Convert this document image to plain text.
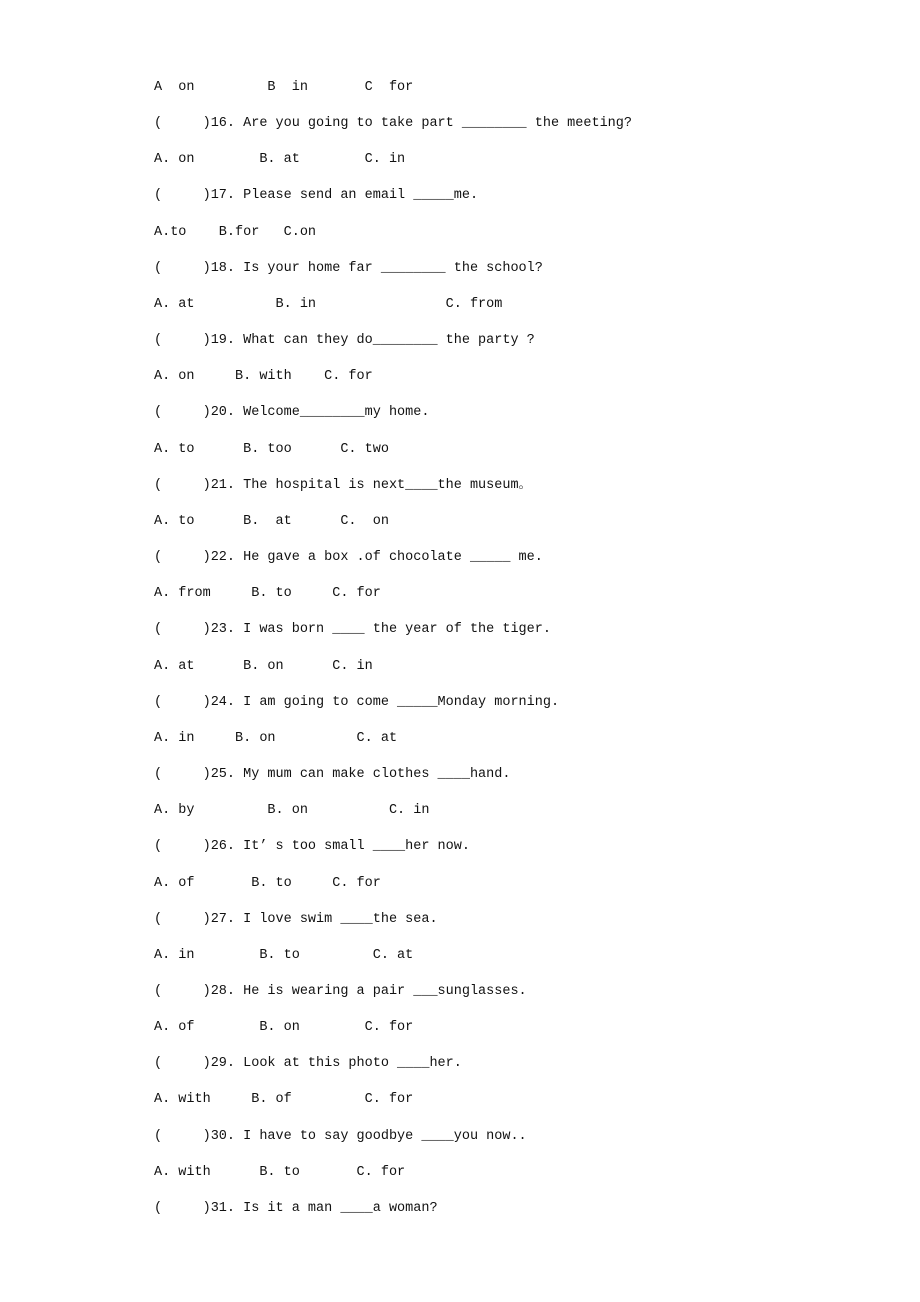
A  on         B  in       C  for
(     )16. Are you going to take part ________ the meeting?
A. on        B. at        C. in
(     )17. Please send an email _____me.
A.to    B.for   C.on
(     )18. Is your home far ________ the school?
A. at          B. in                C. from
(     )19. What can they do________ the party ?
A. on     B. with    C. for
(     )20. Welcome________my home.
A. to      B. too      C. two
(     )21. The hospital is next____the museum。
A. to      B.  at      C.  on
(     )22. He gave a box .of chocolate _____ me.
A. from     B. to     C. for
(     )23. I was born ____ the year of the tiger.
A. at      B. on      C. in
(     )24. I am going to come _____Monday morning.
A. in     B. on          C. at
(     )25. My mum can make clothes ____hand.
A. by         B. on          C. in
(     )26. It’ s too small ____her now.
A. of       B. to     C. for
(     )27. I love swim ____the sea.
A. in        B. to         C. at
(     )28. He is wearing a pair ___sunglasses.
A. of        B. on        C. for
(     )29. Look at this photo ____her.
A. with     B. of         C. for
(     )30. I have to say goodbye ____you now..
A. with      B. to       C. for
(     )31. Is it a man ____a woman?
